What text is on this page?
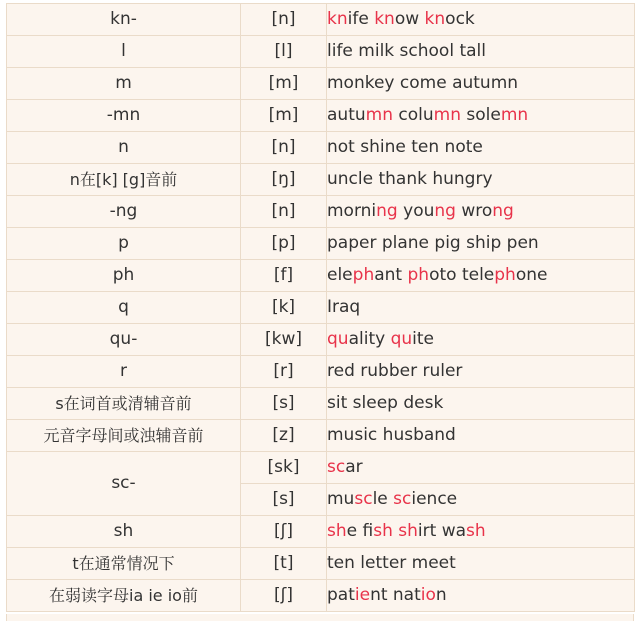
kn-	[n]	knife know knock
l	[l]	life milk school tall
m	[m]	monkey come autumn
-mn	[m]	autumn column solemn
n	[n]	not shine ten note
n在[k] [g]音前	[ŋ]	uncle thank hungry
-ng	[n]	morning young wrong
p	[p]	paper plane pig ship pen
ph	[f]	elephant photo telephone
q	[k]	Iraq
qu-	[kw]	quality quite
r	[r]	red rubber ruler
s在词首或清辅音前	[s]	sit sleep desk
元音字母间或浊辅音前	[z]	music husband
sc-	[sk]	scar
	[s]	muscle science
sh	[ʃ]	she fish shirt wash
t在通常情况下	[t]	ten letter meet
在弱读字母ia ie io前	[ʃ]	patient nation
